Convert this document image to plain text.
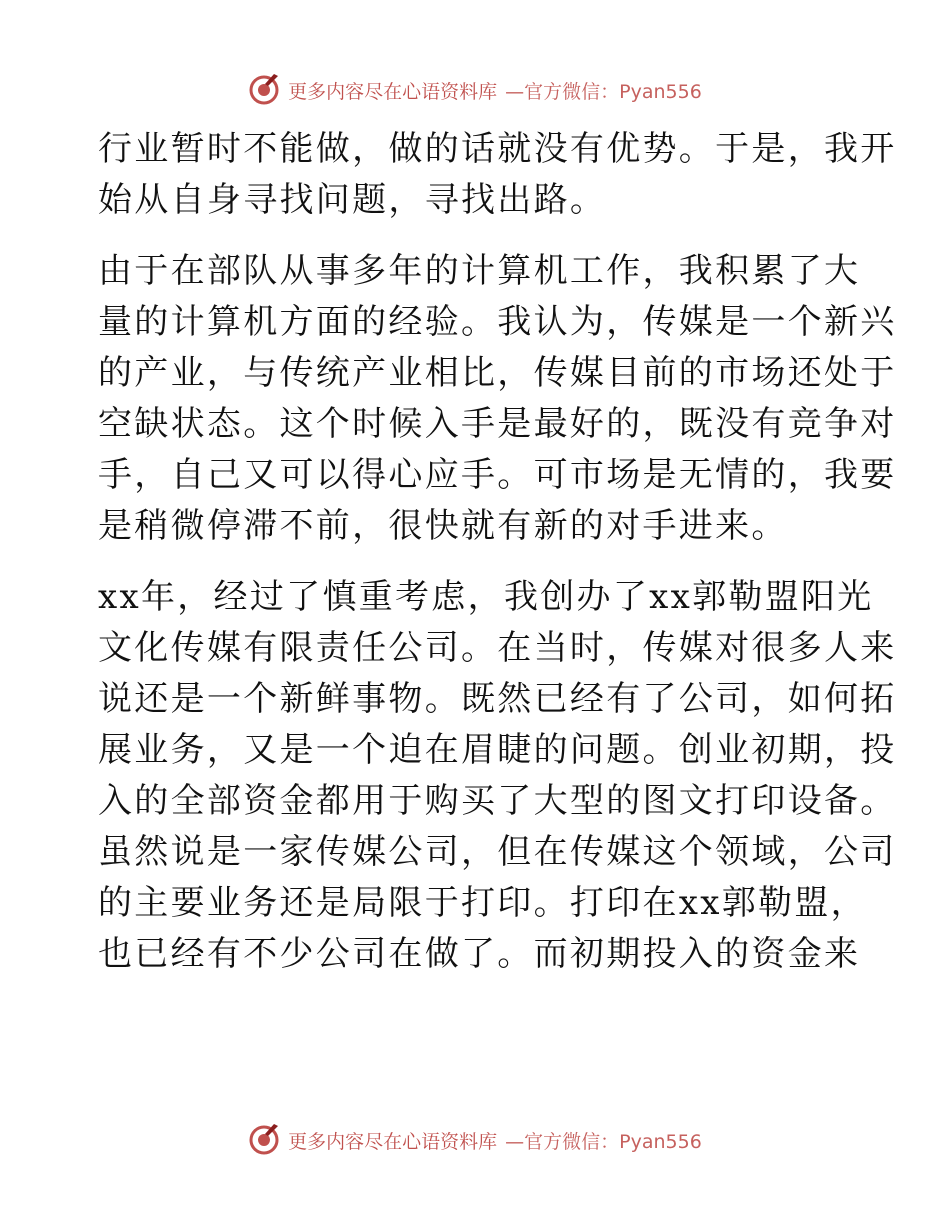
更多内容尽在心语资料库 —官方微信：Pyan556

行业暂时不能做，做的话就没有优势。于是，我开
始从自身寻找问题，寻找出路。

由于在部队从事多年的计算机工作，我积累了大
量的计算机方面的经验。我认为，传媒是一个新兴
的产业，与传统产业相比，传媒目前的市场还处于
空缺状态。这个时候入手是最好的，既没有竞争对
手，自己又可以得心应手。可市场是无情的，我要
是稍微停滞不前，很快就有新的对手进来。

xx年，经过了慎重考虑，我创办了xx郭勒盟阳光
文化传媒有限责任公司。在当时，传媒对很多人来
说还是一个新鲜事物。既然已经有了公司，如何拓
展业务，又是一个迫在眉睫的问题。创业初期，投
入的全部资金都用于购买了大型的图文打印设备。
虽然说是一家传媒公司，但在传媒这个领域，公司
的主要业务还是局限于打印。打印在xx郭勒盟，
也已经有不少公司在做了。而初期投入的资金来

更多内容尽在心语资料库 —官方微信：Pyan556
